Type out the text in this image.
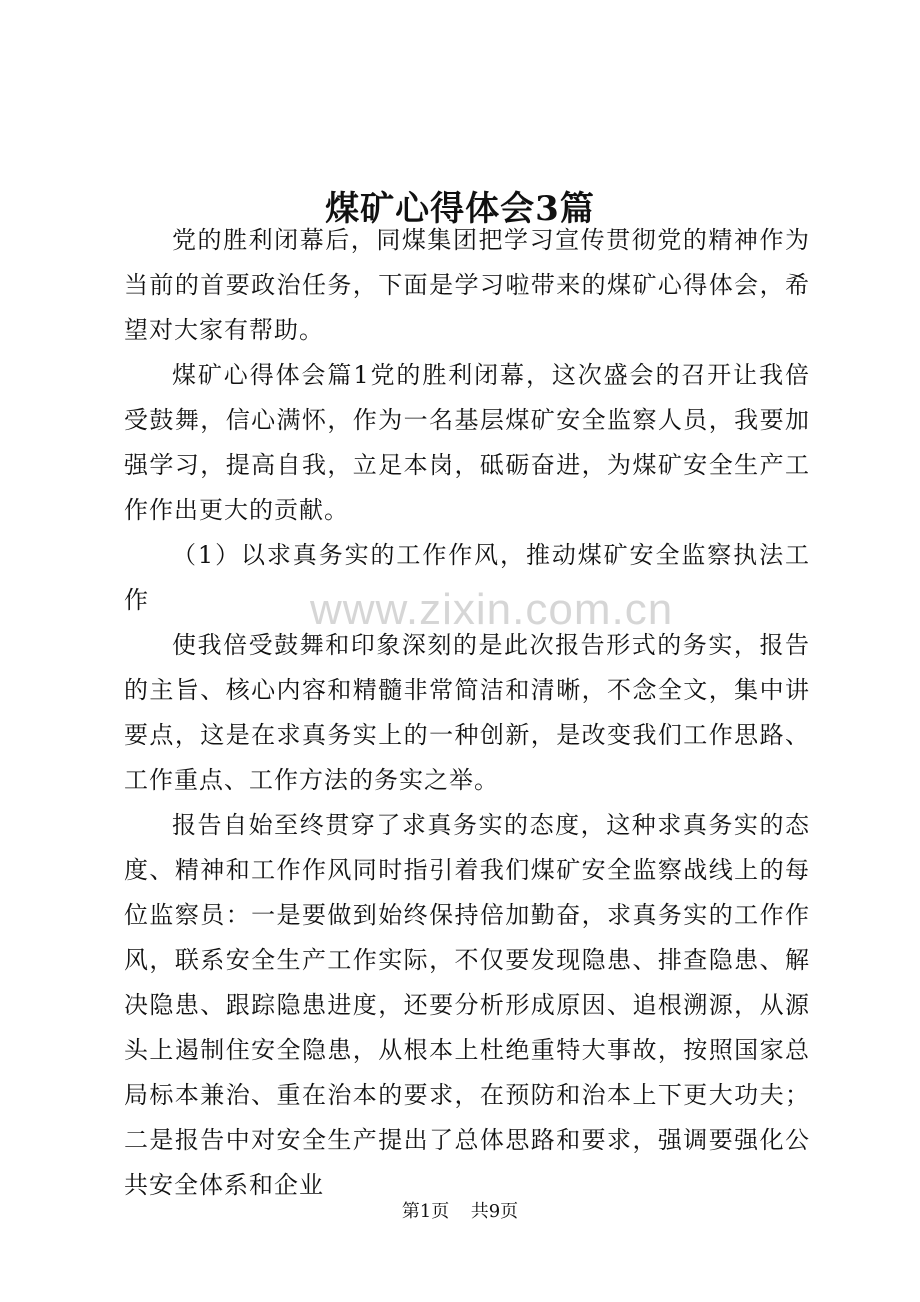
www.zixin.com.cn
煤矿心得体会3篇

党的胜利闭幕后，同煤集团把学习宣传贯彻党的精神作为当前的首要政治任务，下面是学习啦带来的煤矿心得体会，希望对大家有帮助。

煤矿心得体会篇1党的胜利闭幕，这次盛会的召开让我倍受鼓舞，信心满怀，作为一名基层煤矿安全监察人员，我要加强学习，提高自我，立足本岗，砥砺奋进，为煤矿安全生产工作作出更大的贡献。

（1）以求真务实的工作作风，推动煤矿安全监察执法工作

使我倍受鼓舞和印象深刻的是此次报告形式的务实，报告的主旨、核心内容和精髓非常简洁和清晰，不念全文，集中讲要点，这是在求真务实上的一种创新，是改变我们工作思路、工作重点、工作方法的务实之举。

报告自始至终贯穿了求真务实的态度，这种求真务实的态度、精神和工作作风同时指引着我们煤矿安全监察战线上的每位监察员：一是要做到始终保持倍加勤奋，求真务实的工作作风，联系安全生产工作实际，不仅要发现隐患、排查隐患、解决隐患、跟踪隐患进度，还要分析形成原因、追根溯源，从源头上遏制住安全隐患，从根本上杜绝重特大事故，按照国家总局标本兼治、重在治本的要求，在预防和治本上下更大功夫；二是报告中对安全生产提出了总体思路和要求，强调要强化公共安全体系和企业

第1页 共9页
